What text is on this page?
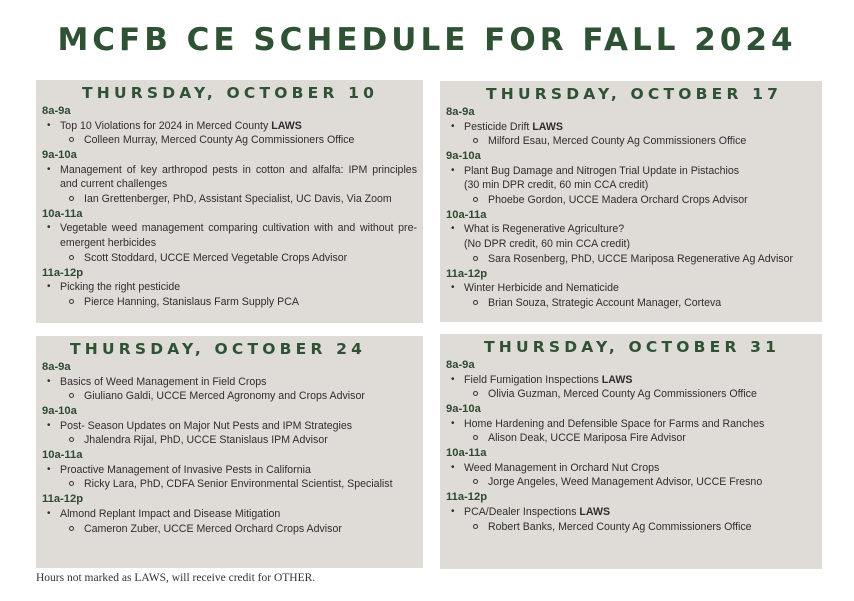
MCFB CE SCHEDULE FOR FALL 2024
THURSDAY, OCTOBER 10
8a-9a
• Top 10 Violations for 2024 in Merced County LAWS
Colleen Murray, Merced County Ag Commissioners Office
9a-10a
• Management of key arthropod pests in cotton and alfalfa: IPM principles and current challenges
Ian Grettenberger, PhD, Assistant Specialist, UC Davis, Via Zoom
10a-11a
• Vegetable weed management comparing cultivation with and without pre-emergent herbicides
Scott Stoddard, UCCE Merced Vegetable Crops Advisor
11a-12p
• Picking the right pesticide
Pierce Hanning, Stanislaus Farm Supply PCA
THURSDAY, OCTOBER 17
8a-9a
• Pesticide Drift LAWS
Milford Esau, Merced County Ag Commissioners Office
9a-10a
• Plant Bug Damage and Nitrogen Trial Update in Pistachios
(30 min DPR credit, 60 min CCA credit)
Phoebe Gordon, UCCE Madera Orchard Crops Advisor
10a-11a
• What is Regenerative Agriculture?
(No DPR credit, 60 min CCA credit)
Sara Rosenberg, PhD, UCCE Mariposa Regenerative Ag Advisor
11a-12p
• Winter Herbicide and Nematicide
Brian Souza, Strategic Account Manager, Corteva
THURSDAY, OCTOBER 24
8a-9a
• Basics of Weed Management in Field Crops
Giuliano Galdi, UCCE Merced Agronomy and Crops Advisor
9a-10a
• Post- Season Updates on Major Nut Pests and IPM Strategies
Jhalendra Rijal, PhD, UCCE Stanislaus IPM Advisor
10a-11a
• Proactive Management of Invasive Pests in California
Ricky Lara, PhD, CDFA Senior Environmental Scientist, Specialist
11a-12p
• Almond Replant Impact and Disease Mitigation
Cameron Zuber, UCCE Merced Orchard Crops Advisor
THURSDAY, OCTOBER 31
8a-9a
• Field Fumigation Inspections LAWS
Olivia Guzman, Merced County Ag Commissioners Office
9a-10a
• Home Hardening and Defensible Space for Farms and Ranches
Alison Deak, UCCE Mariposa Fire Advisor
10a-11a
• Weed Management in Orchard Nut Crops
Jorge Angeles, Weed Management Advisor, UCCE Fresno
11a-12p
• PCA/Dealer Inspections LAWS
Robert Banks, Merced County Ag Commissioners Office

Hours not marked as LAWS, will receive credit for OTHER.
